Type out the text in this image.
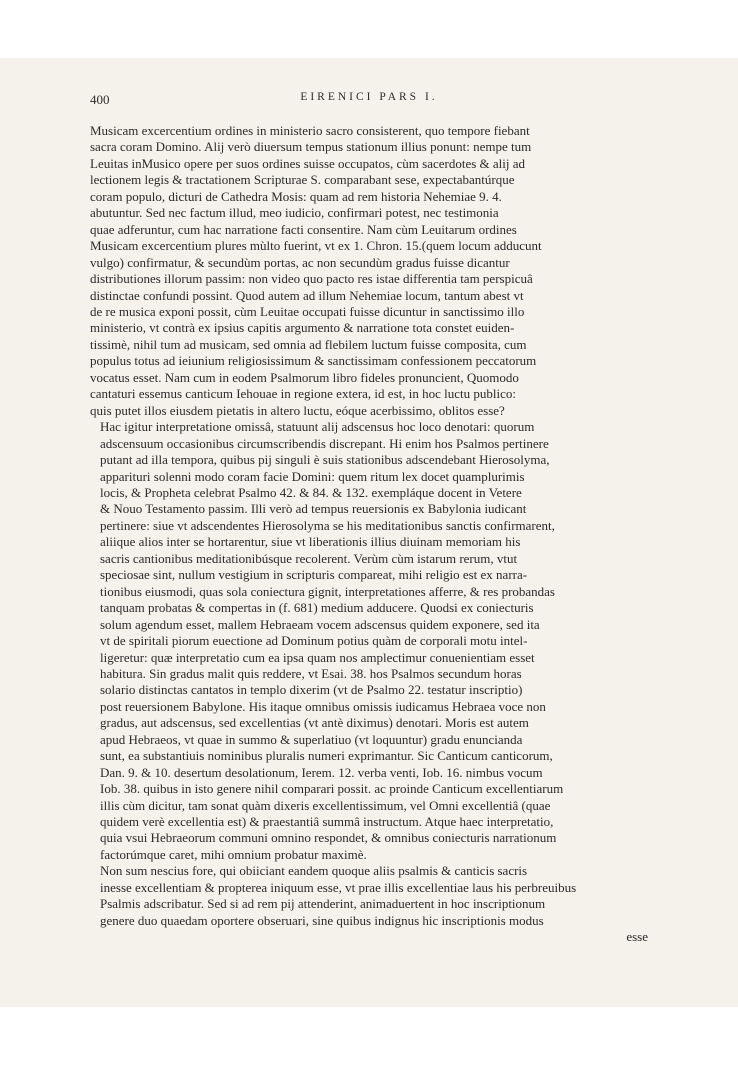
400	EIRENICI PARS I.

Musicam excercentium ordines in ministerio sacro consisterent, quo tempore fiebant
sacra coram Domino. Alij verò diuersum tempus stationum illius ponunt: nempe tum
Leuitas inMusico opere per suos ordines suisse occupatos, cùm sacerdotes & alij ad
lectionem legis & tractationem Scripturae S. comparabant sese, expectabantúrque
coram populo, dicturi de Cathedra Mosis: quam ad rem historia Nehemiae 9. 4.
abutuntur. Sed nec factum illud, meo iudicio, confirmari potest, nec testimonia
quae adferuntur, cum hac narratione facti consentire. Nam cùm Leuitarum ordines
Musicam excercentium plures mùlto fuerint, vt ex 1. Chron. 15.(quem locum adducunt
vulgo) confirmatur, & secundùm portas, ac non secundùm gradus fuisse dicantur
distributiones illorum passim: non video quo pacto res istae differentia tam perspicuâ
distinctae confundi possint. Quod autem ad illum Nehemiae locum, tantum abest vt
de re musica exponi possit, cùm Leuitae occupati fuisse dicuntur in sanctissimo illo
ministerio, vt contrà ex ipsius capitis argumento & narratione tota constet euiden-
tissimè, nihil tum ad musicam, sed omnia ad flebilem luctum fuisse composita, cum
populus totus ad ieiunium religiosissimum & sanctissimam confessionem peccatorum
vocatus esset. Nam cum in eodem Psalmorum libro fideles pronuncient, Quomodo
cantaturi essemus canticum Iehouae in regione extera, id est, in hoc luctu publico:
quis putet illos eiusdem pietatis in altero luctu, eóque acerbissimo, oblitos esse?

Hac igitur interpretatione omissâ, statuunt alij adscensus hoc loco denotari: quorum
adscensuum occasionibus circumscribendis discrepant. Hi enim hos Psalmos pertinere
putant ad illa tempora, quibus pij singuli è suis stationibus adscendebant Hierosolyma,
apparituri solenni modo coram facie Domini: quem ritum lex docet quamplurimis
locis, & Propheta celebrat Psalmo 42. & 84. & 132. exempláque docent in Vetere
& Nouo Testamento passim. Illi verò ad tempus reuersionis ex Babylonia iudicant
pertinere: siue vt adscendentes Hierosolyma se his meditationibus sanctis confirmarent,
aliique alios inter se hortarentur, siue vt liberationis illius diuinam memoriam his
sacris cantionibus meditationibúsque recolerent. Verùm cùm istarum rerum, vtut
speciosae sint, nullum vestigium in scripturis compareat, mihi religio est ex narra-
tionibus eiusmodi, quas sola coniectura gignit, interpretationes afferre, & res probandas
tanquam probatas & compertas in (f. 681) medium adducere. Quodsi ex coniecturis
solum agendum esset, mallem Hebraeam vocem adscensus quidem exponere, sed ita
vt de spiritali piorum euectione ad Dominum potius quàm de corporali motu intel-
ligeretur: quæ interpretatio cum ea ipsa quam nos amplectimur conuenientiam esset
habitura. Sin gradus malit quis reddere, vt Esai. 38. hos Psalmos secundum horas
solario distinctas cantatos in templo dixerim (vt de Psalmo 22. testatur inscriptio)
post reuersionem Babylone. His itaque omnibus omissis iudicamus Hebraea voce non
gradus, aut adscensus, sed excellentias (vt antè diximus) denotari. Moris est autem
apud Hebraeos, vt quae in summo & superlatiuo (vt loquuntur) gradu enuncianda
sunt, ea substantiuis nominibus pluralis numeri exprimantur. Sic Canticum canticorum,
Dan. 9. & 10. desertum desolationum, Ierem. 12. verba venti, Iob. 16. nimbus vocum
Iob. 38. quibus in isto genere nihil comparari possit. ac proinde Canticum excellentiarum
illis cùm dicitur, tam sonat quàm dixeris excellentissimum, vel Omni excellentiâ (quae
quidem verè excellentia est) & praestantiâ summâ instructum. Atque haec interpretatio,
quia vsui Hebraeorum communi omnino respondet, & omnibus coniecturis narrationum
factorúmque caret, mihi omnium probatur maximè.

Non sum nescius fore, qui obiiciant eandem quoque aliis psalmis & canticis sacris
inesse excellentiam & propterea iniquum esse, vt prae illis excellentiae laus his perbreuibus
Psalmis adscribatur. Sed si ad rem pij attenderint, animaduertent in hoc inscriptionum
genere duo quaedam oportere obseruari, sine quibus indignus hic inscriptionis modus

esse
